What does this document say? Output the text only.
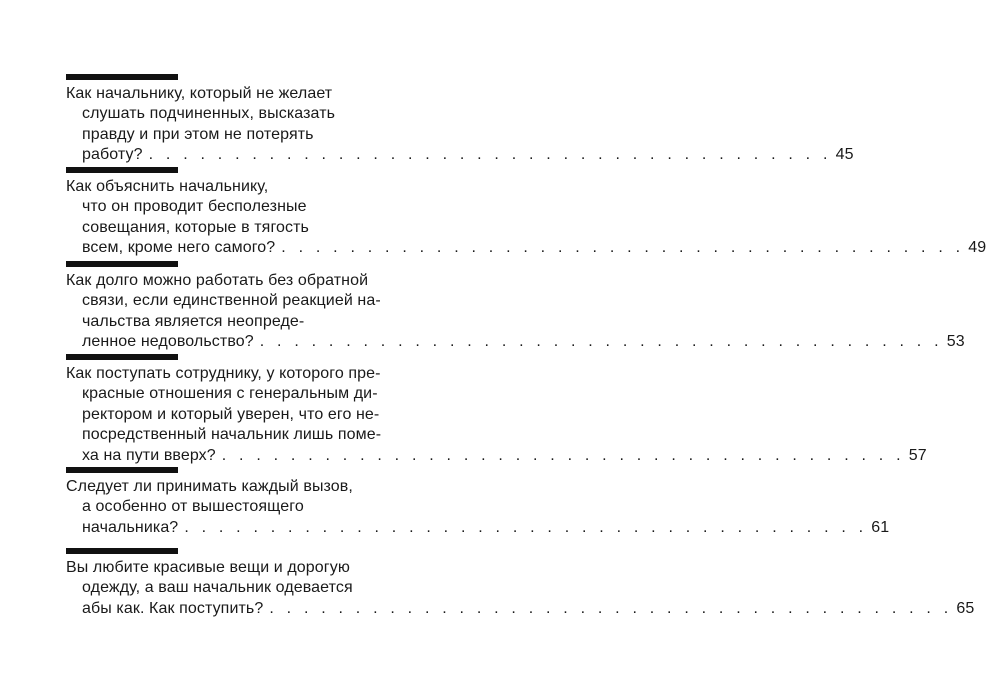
Как начальнику, который не желает
слушать подчиненных, высказать
правду и при этом не потерять
работу? . . . . . . . . . . . . . . . . . . . . . . . . . . . . . . . . . . . . . . . . 45
Как объяснить начальнику,
что он проводит бесполезные
совещания, которые в тягость
всем, кроме него самого? . . . . . . . . . . . . . . . . . . . . . . . . . . . . . . . . . . . . . . . . 49
Как долго можно работать без обратной
связи, если единственной реакцией на-
чальства является неопреде-
ленное недовольство? . . . . . . . . . . . . . . . . . . . . . . . . . . . . . . . . . . . . . . . . 53
Как поступать сотруднику, у которого пре-
красные отношения с генеральным ди-
ректором и который уверен, что его не-
посредственный начальник лишь поме-
ха на пути вверх? . . . . . . . . . . . . . . . . . . . . . . . . . . . . . . . . . . . . . . . . 57
Следует ли принимать каждый вызов,
а особенно от вышестоящего
начальника? . . . . . . . . . . . . . . . . . . . . . . . . . . . . . . . . . . . . . . . . 61
Вы любите красивые вещи и дорогую
одежду, а ваш начальник одевается
абы как. Как поступить? . . . . . . . . . . . . . . . . . . . . . . . . . . . . . . . . . . . . . . . . 65
